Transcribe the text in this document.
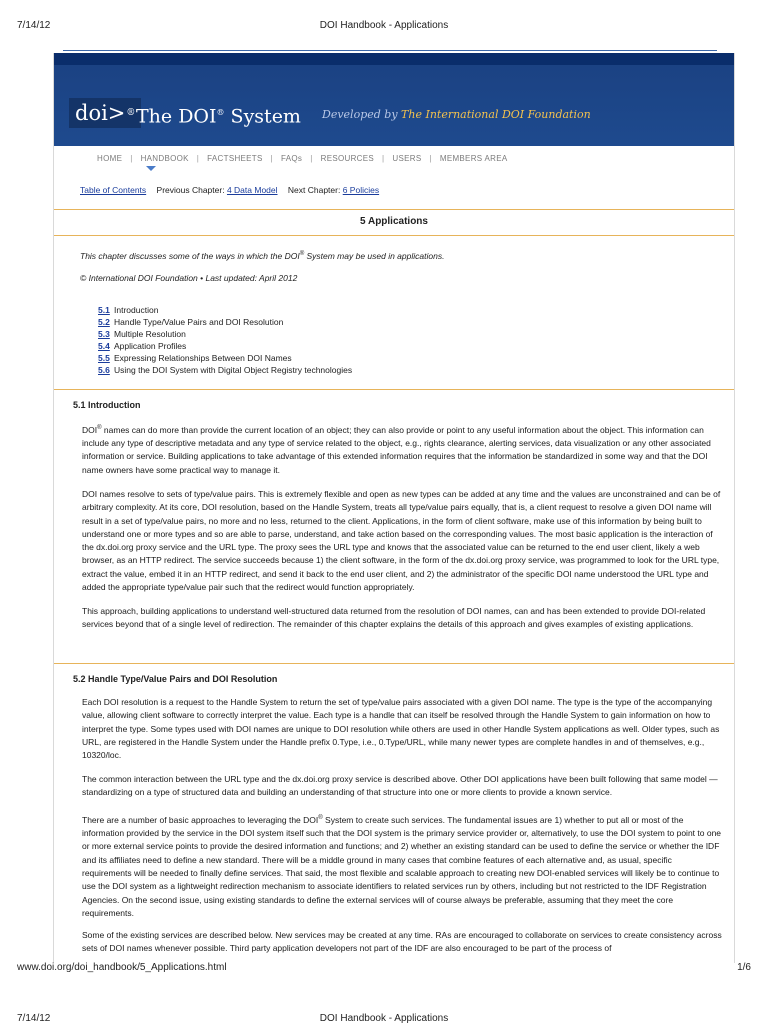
7/14/12	DOI Handbook - Applications
doi> ® The DOI® System Developed by The International DOI Foundation
HOME | HANDBOOK | FACTSHEETS | FAQs | RESOURCES | USERS | MEMBERS AREA
Table of Contents Previous Chapter: 4 Data Model Next Chapter: 6 Policies
5 Applications
This chapter discusses some of the ways in which the DOI® System may be used in applications.
© International DOI Foundation • Last updated: April 2012
5.1 Introduction
5.2 Handle Type/Value Pairs and DOI Resolution
5.3 Multiple Resolution
5.4 Application Profiles
5.5 Expressing Relationships Between DOI Names
5.6 Using the DOI System with Digital Object Registry technologies
5.1 Introduction
DOI® names can do more than provide the current location of an object; they can also provide or point to any useful information about the object. This information can include any type of descriptive metadata and any type of service related to the object, e.g., rights clearance, alerting services, data visualization or any other associated information or service. Building applications to take advantage of this extended information requires that the information be standardized in some way and that the DOI name owners have some practical way to manage it.
DOI names resolve to sets of type/value pairs. This is extremely flexible and open as new types can be added at any time and the values are unconstrained and can be of arbitrary complexity. At its core, DOI resolution, based on the Handle System, treats all type/value pairs equally, that is, a client request to resolve a given DOI name will result in a set of type/value pairs, no more and no less, returned to the client. Applications, in the form of client software, make use of this information by being built to understand one or more types and so are able to parse, understand, and take action based on the corresponding values. The most basic application is the interaction of the dx.doi.org proxy service and the URL type. The proxy sees the URL type and knows that the associated value can be returned to the end user client, likely a web browser, as an HTTP redirect. The service succeeds because 1) the client software, in the form of the dx.doi.org proxy service, was programmed to look for the URL type, extract the value, embed it in an HTTP redirect, and send it back to the end user client, and 2) the administrator of the specific DOI name understood the URL type and added the appropriate type/value pair such that the redirect would function appropriately.
This approach, building applications to understand well-structured data returned from the resolution of DOI names, can and has been extended to provide DOI-related services beyond that of a single level of redirection. The remainder of this chapter explains the details of this approach and gives examples of existing applications.
5.2 Handle Type/Value Pairs and DOI Resolution
Each DOI resolution is a request to the Handle System to return the set of type/value pairs associated with a given DOI name. The type is the type of the accompanying value, allowing client software to correctly interpret the value. Each type is a handle that can itself be resolved through the Handle System to gain information on how to interpret the type. Some types used with DOI names are unique to DOI resolution while others are used in other Handle System applications as well. Older types, such as URL, are registered in the Handle System under the Handle prefix 0.Type, i.e., 0.Type/URL, while many newer types are complete handles in and of themselves, e.g., 10320/loc.
The common interaction between the URL type and the dx.doi.org proxy service is described above. Other DOI applications have been built following that same model — standardizing on a type of structured data and building an understanding of that structure into one or more clients to provide a known service.
There are a number of basic approaches to leveraging the DOI® System to create such services. The fundamental issues are 1) whether to put all or most of the information provided by the service in the DOI system itself such that the DOI system is the primary service provider or, alternatively, to use the DOI system to point to one or more external service points to provide the desired information and functions; and 2) whether an existing standard can be used to define the service or whether the IDF and its affiliates need to define a new standard. There will be a middle ground in many cases that combine features of each alternative and, as usual, specific requirements will be needed to finally define services. That said, the most flexible and scalable approach to creating new DOI-enabled services will likely be to continue to use the DOI system as a lightweight redirection mechanism to associate identifiers to related services run by others, including but not restricted to the IDF Registration Agencies. On the second issue, using existing standards to define the external services will of course always be preferable, assuming that they meet the core requirements.
Some of the existing services are described below. New services may be created at any time. RAs are encouraged to collaborate on services to create consistency across sets of DOI names whenever possible. Third party application developers not part of the IDF are also encouraged to be part of the process of
www.doi.org/doi_handbook/5_Applications.html	1/6
7/14/12	DOI Handbook - Applications
